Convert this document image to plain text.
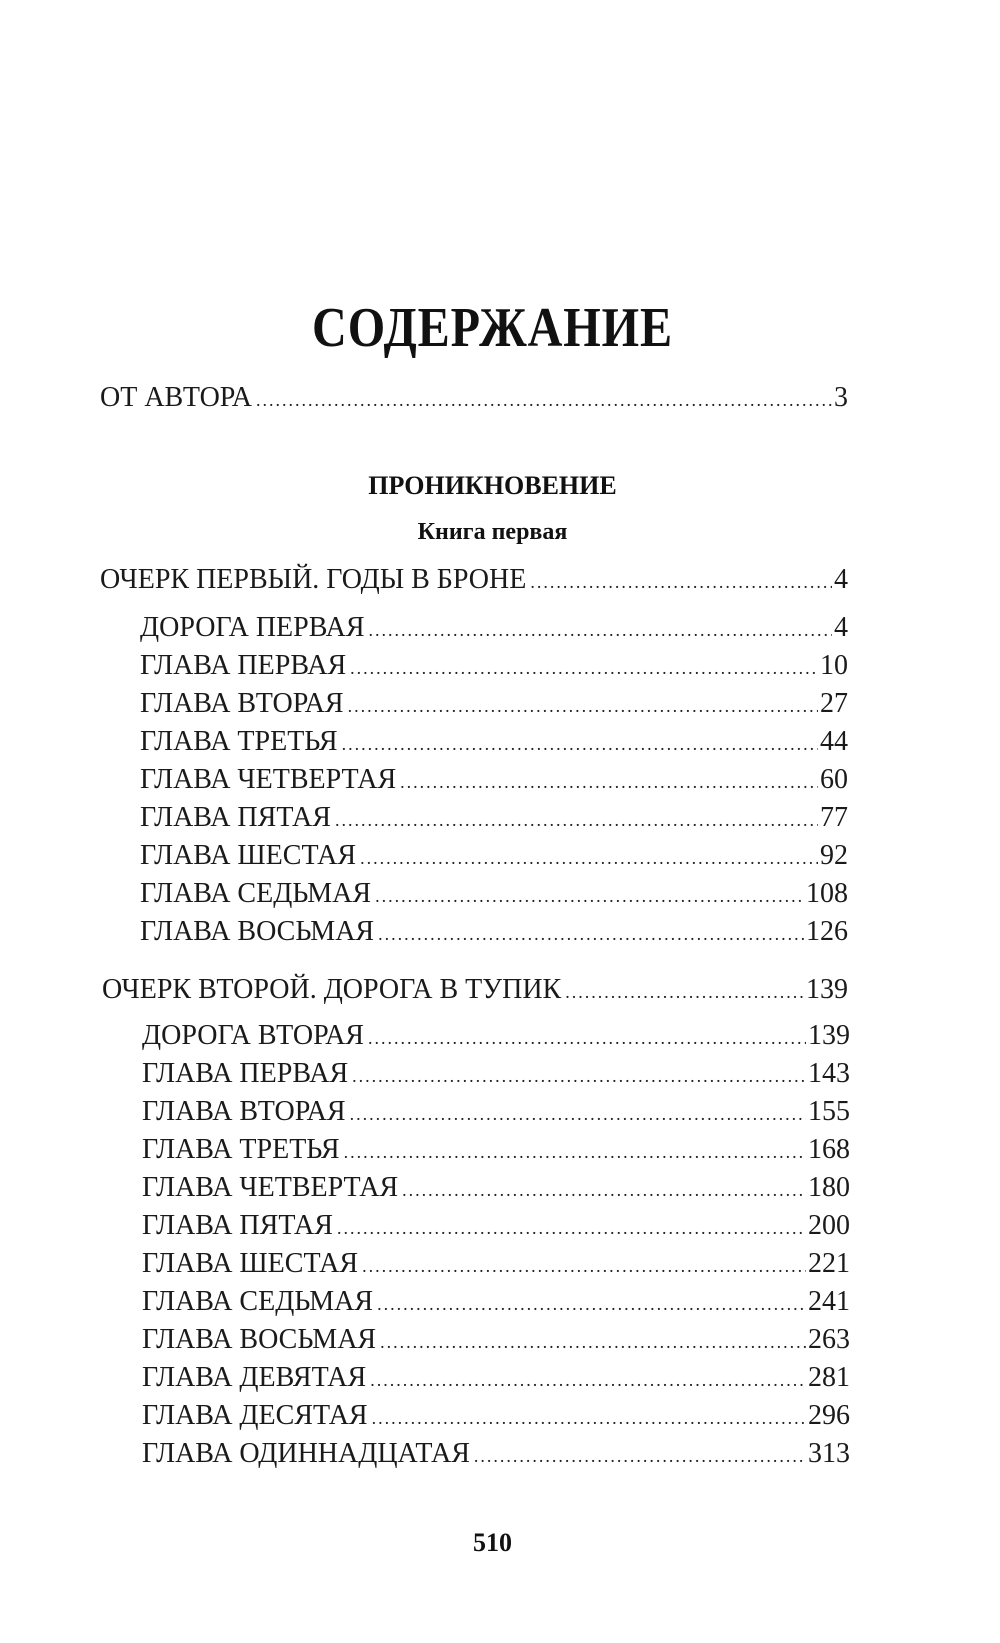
СОДЕРЖАНИЕ
ОТ АВТОРА .....	3
ПРОНИКНОВЕНИЕ
Книга первая
ОЧЕРК ПЕРВЫЙ. ГОДЫ В БРОНЕ .....	4
ДОРОГА ПЕРВАЯ .....	4
ГЛАВА ПЕРВАЯ .....	10
ГЛАВА ВТОРАЯ .....	27
ГЛАВА ТРЕТЬЯ .....	44
ГЛАВА ЧЕТВЕРТАЯ .....	60
ГЛАВА ПЯТАЯ .....	77
ГЛАВА ШЕСТАЯ .....	92
ГЛАВА СЕДЬМАЯ .....	108
ГЛАВА ВОСЬМАЯ .....	126
ОЧЕРК ВТОРОЙ. ДОРОГА В ТУПИК .....	139
ДОРОГА ВТОРАЯ .....	139
ГЛАВА ПЕРВАЯ .....	143
ГЛАВА ВТОРАЯ .....	155
ГЛАВА ТРЕТЬЯ .....	168
ГЛАВА ЧЕТВЕРТАЯ .....	180
ГЛАВА ПЯТАЯ .....	200
ГЛАВА ШЕСТАЯ .....	221
ГЛАВА СЕДЬМАЯ .....	241
ГЛАВА ВОСЬМАЯ .....	263
ГЛАВА ДЕВЯТАЯ .....	281
ГЛАВА ДЕСЯТАЯ .....	296
ГЛАВА ОДИННАДЦАТАЯ .....	313
510
